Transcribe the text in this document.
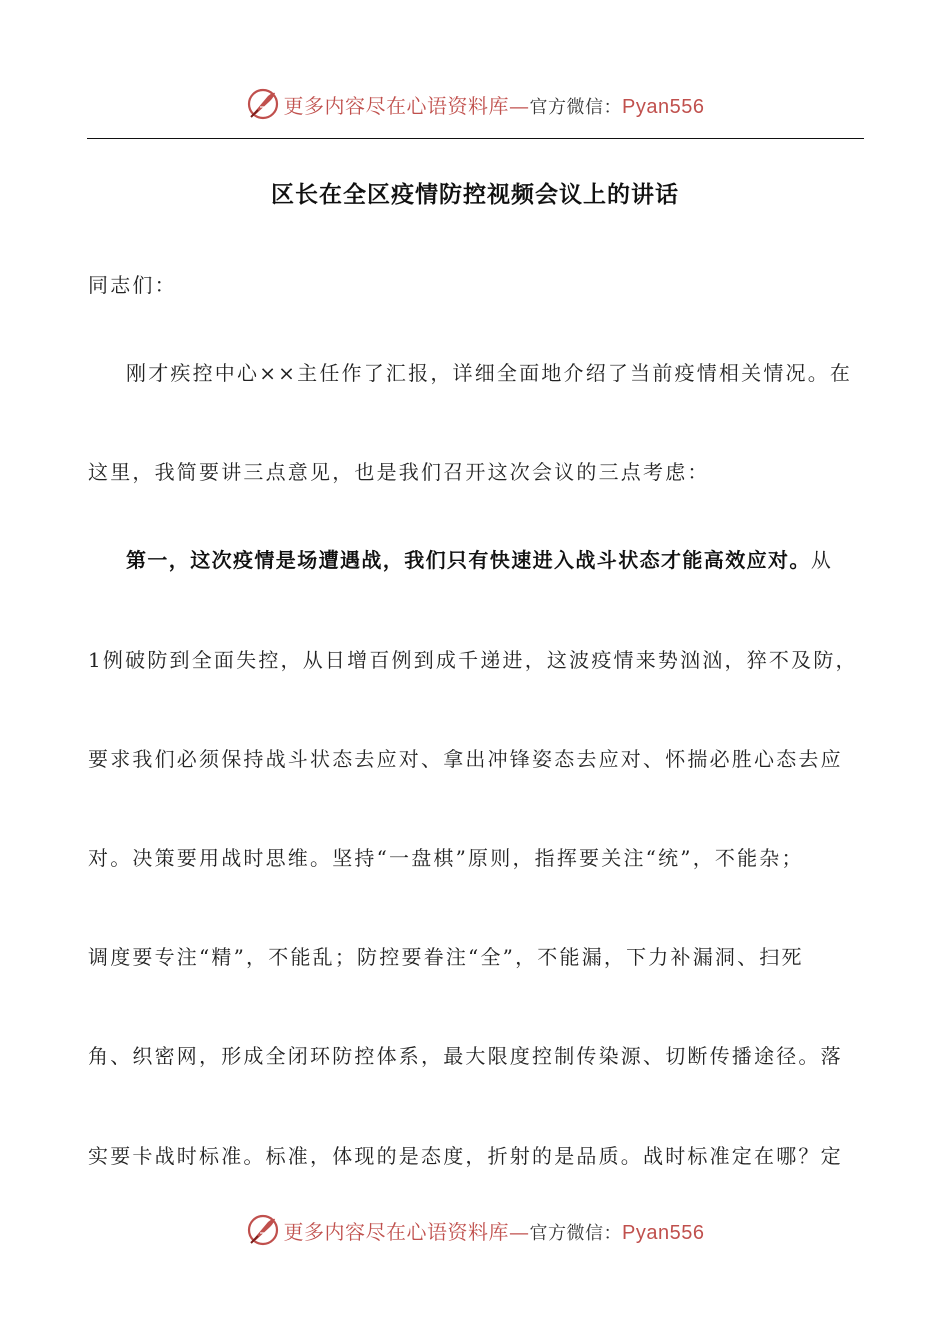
更多内容尽在心语资料库—官方微信：Pyan556
区长在全区疫情防控视频会议上的讲话
同志们：
刚才疾控中心××主任作了汇报，详细全面地介绍了当前疫情相关情况。在
这里，我简要讲三点意见，也是我们召开这次会议的三点考虑：
第一，这次疫情是场遭遇战，我们只有快速进入战斗状态才能高效应对。从
1例破防到全面失控，从日增百例到成千递进，这波疫情来势汹汹，猝不及防，
要求我们必须保持战斗状态去应对、拿出冲锋姿态去应对、怀揣必胜心态去应
对。决策要用战时思维。坚持“一盘棋”原则，指挥要关注“统”，不能杂；
调度要专注“精”，不能乱；防控要眷注“全”，不能漏，下力补漏洞、扫死
角、织密网，形成全闭环防控体系，最大限度控制传染源、切断传播途径。落
实要卡战时标准。标准，体现的是态度，折射的是品质。战时标准定在哪？定
更多内容尽在心语资料库—官方微信：Pyan556
